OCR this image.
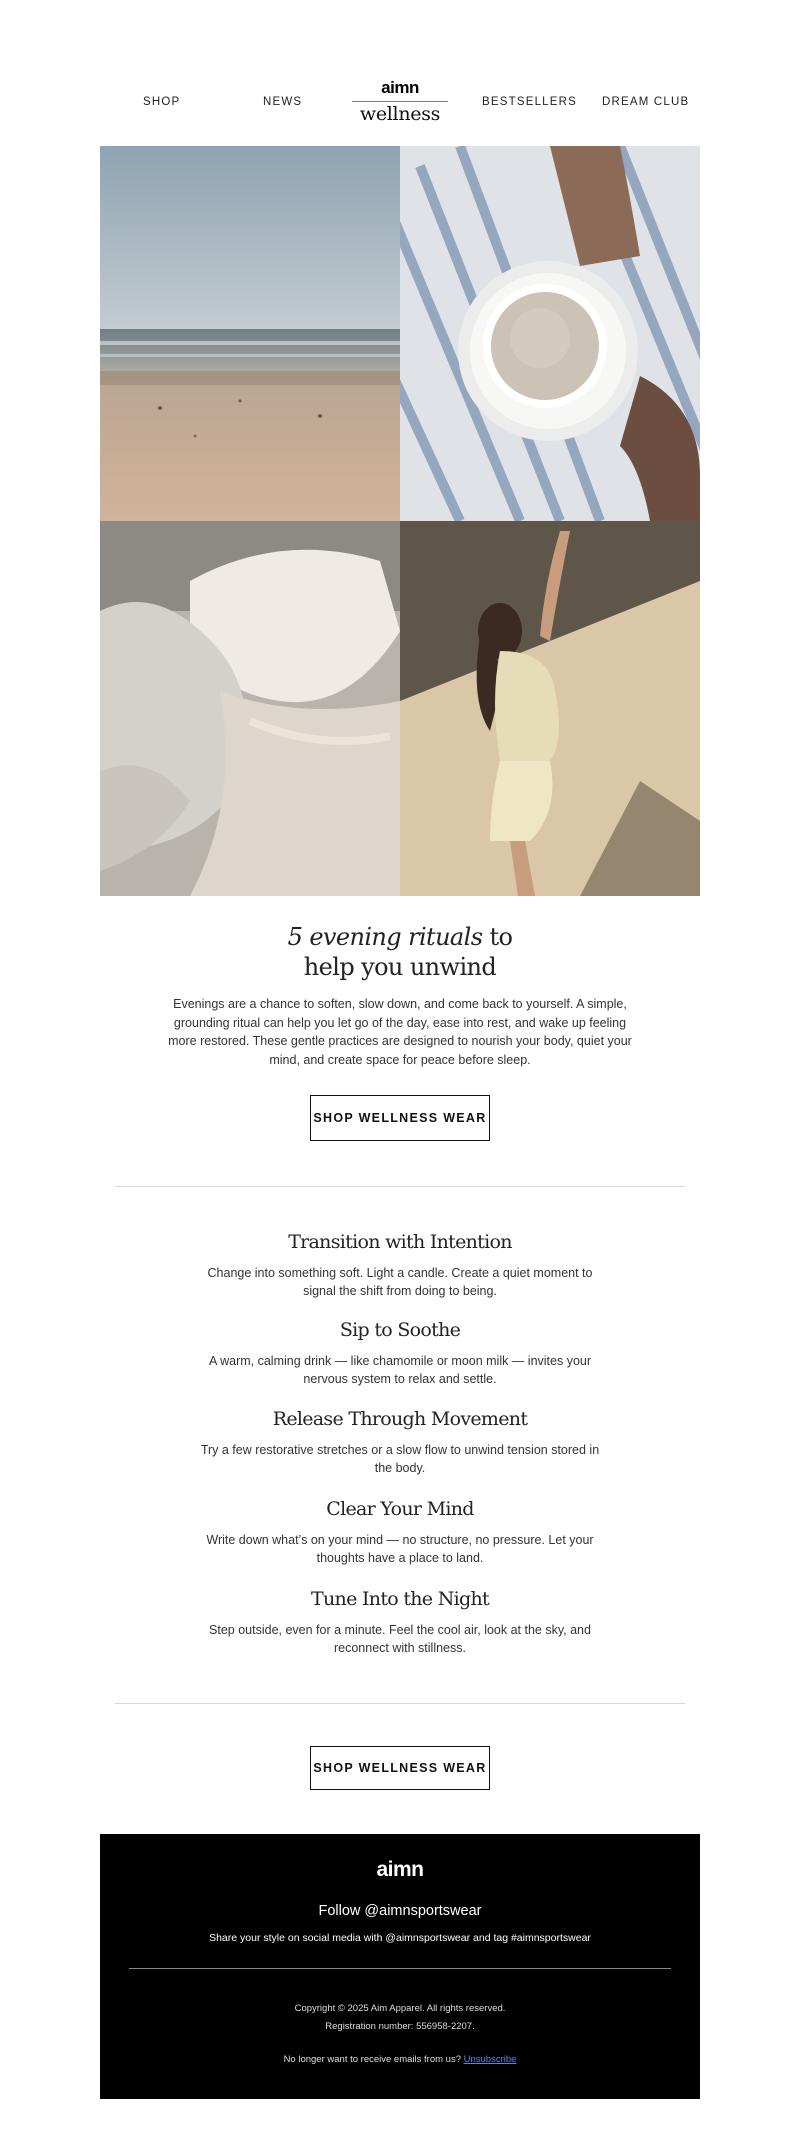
SHOP	NEWS
aimn
wellness
BESTSELLERS DREAM CLUB
5 evening rituals to
help you unwind

Evenings are a chance to soften, slow down, and come back to yourself. A simple, grounding ritual can help you let go of the day, ease into rest, and wake up feeling more restored. These gentle practices are designed to nourish your body, quiet your mind, and create space for peace before sleep.

SHOP WELLNESS WEAR
Transition with Intention

Change into something soft. Light a candle. Create a quiet moment to signal the shift from doing to being.

Sip to Soothe

A warm, calming drink — like chamomile or moon milk — invites your nervous system to relax and settle.

Release Through Movement

Try a few restorative stretches or a slow flow to unwind tension stored in the body.

Clear Your Mind

Write down what’s on your mind — no structure, no pressure. Let your thoughts have a place to land.

Tune Into the Night

Step outside, even for a minute. Feel the cool air, look at the sky, and reconnect with stillness.

SHOP WELLNESS WEAR
aimn
Follow @aimnsportswear
Share your style on social media with @aimnsportswear and tag #aimnsportswear
Copyright © 2025 Aim Apparel. All rights reserved.
Registration number: 556958-2207.
No longer want to receive emails from us? Unsubscribe
